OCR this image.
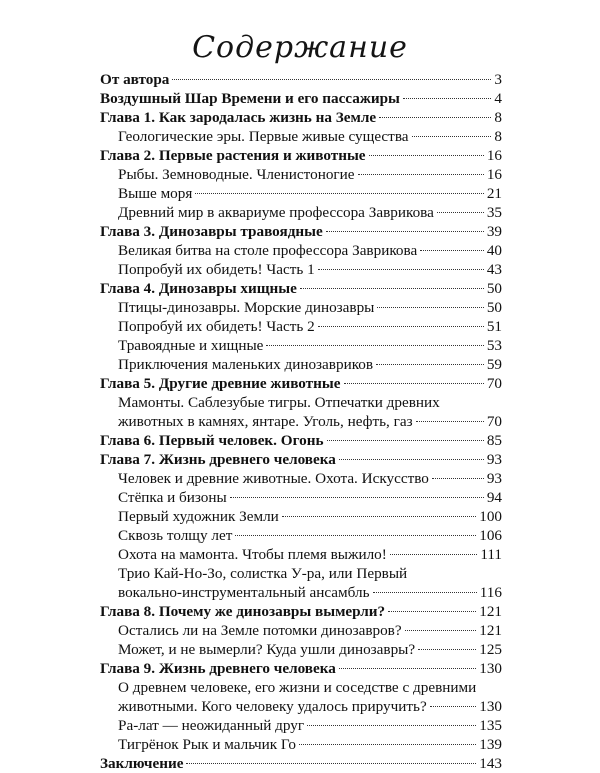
Содержание
От автора	3
Воздушный Шар Времени и его пассажиры	4
Глава 1. Как зародалась жизнь на Земле	8
Геологические эры. Первые живые существа	8
Глава 2. Первые растения и животные	16
Рыбы. Земноводные. Членистоногие	16
Выше моря	21
Древний мир в аквариуме профессора Заврикова	35
Глава 3. Динозавры травоядные	39
Великая битва на столе профессора Заврикова	40
Попробуй их обидеть! Часть 1	43
Глава 4. Динозавры хищные	50
Птицы-динозавры. Морские динозавры	50
Попробуй их обидеть! Часть 2	51
Травоядные и хищные	53
Приключения маленьких динозавриков	59
Глава 5. Другие древние животные	70
Мамонты. Саблезубые тигры. Отпечатки древних
животных в камнях, янтаре. Уголь, нефть, газ	70
Глава 6. Первый человек. Огонь	85
Глава 7. Жизнь древнего человека	93
Человек и древние животные. Охота. Искусство	93
Стёпка и бизоны	94
Первый художник Земли	100
Сквозь толщу лет	106
Охота на мамонта. Чтобы племя выжило!	111
Трио Кай-Но-Зо, солистка У-ра, или Первый
вокально-инструментальный ансамбль	116
Глава 8. Почему же динозавры вымерли?	121
Остались ли на Земле потомки динозавров?	121
Может, и не вымерли? Куда ушли динозавры?	125
Глава 9. Жизнь древнего человека	130
О древнем человеке, его жизни и соседстве с древними
животными. Кого человеку удалось приручить?	130
Ра-лат — неожиданный друг	135
Тигрёнок Рык и мальчик Го	139
Заключение	143
